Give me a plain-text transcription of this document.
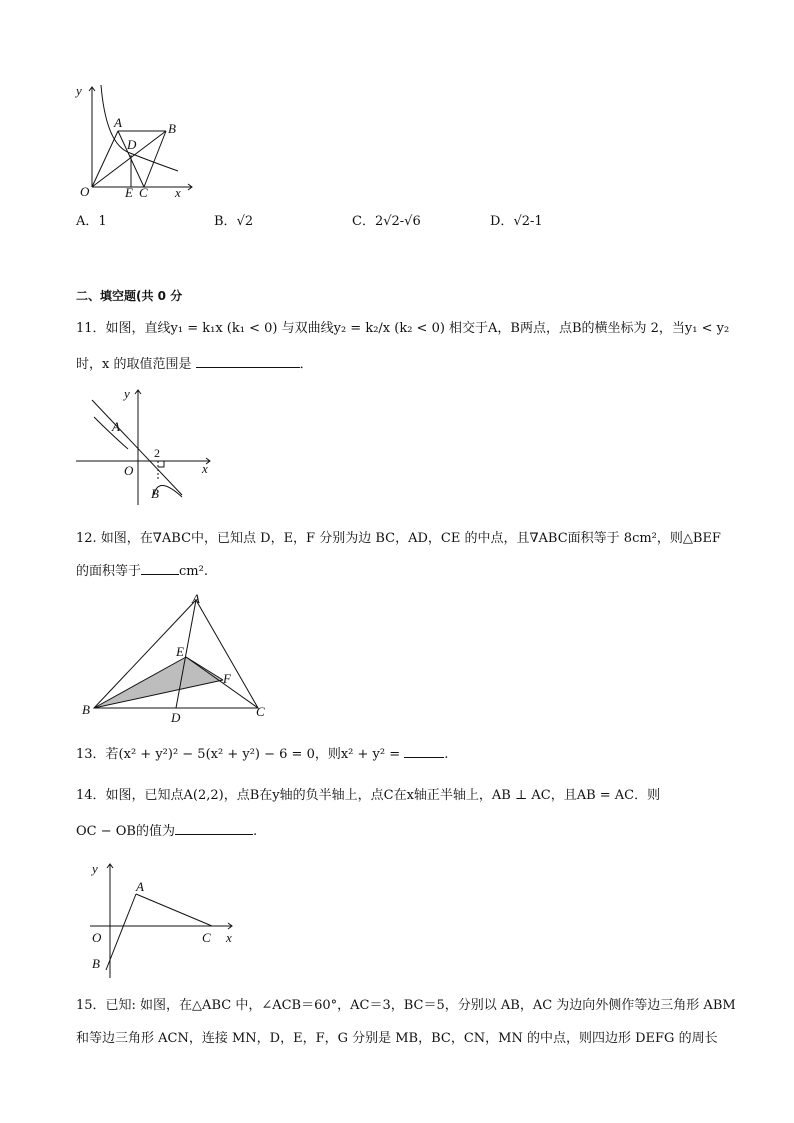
y
x
O
A	B
D
E C
A．1	B．√2	C．2√2-√6	D．√2-1
二、填空题(共 0 分
11．如图，直线y₁ = k₁x (k₁ < 0) 与双曲线y₂ = k₂/x (k₂ < 0) 相交于A，B两点，点B的横坐标为 2，当y₁ < y₂
时，x 的取值范围是	．
y
x
O
A
B
2
12. 如图，在∇ABC中，已知点 D，E，F 分别为边 BC，AD，CE 的中点，且∇ABC面积等于 8cm²，则△BEF
的面积等于	cm².
A
B	C
D
E
F
13．若(x² + y²)² − 5(x² + y²) − 6 = 0，则x² + y² =	.
14．如图，已知点A(2,2)，点B在y轴的负半轴上，点C在x轴正半轴上，AB ⊥ AC，且AB = AC．则
OC − OB的值为	.
y
x
O
A
B
C
15．已知: 如图，在△ABC 中，∠ACB＝60°，AC＝3，BC＝5，分别以 AB，AC 为边向外侧作等边三角形 ABM
和等边三角形 ACN，连接 MN，D，E，F，G 分别是 MB，BC，CN，MN 的中点，则四边形 DEFG 的周长
